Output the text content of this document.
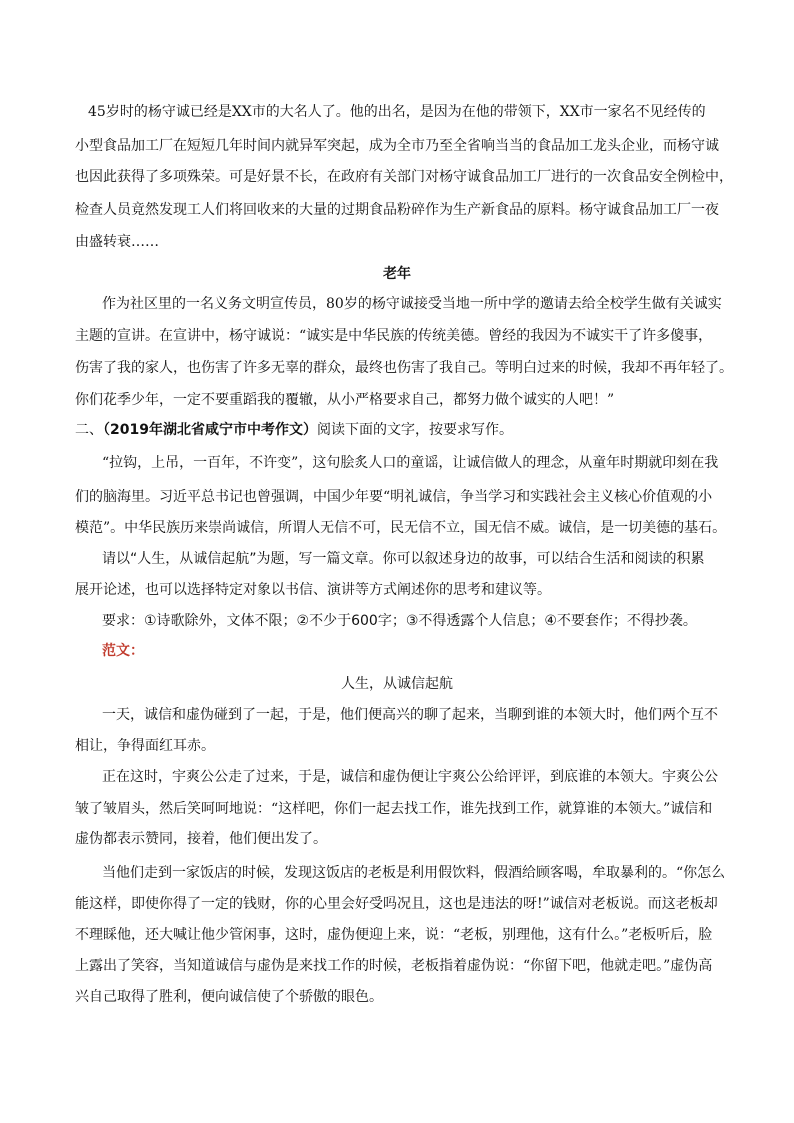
45岁时的杨守诚已经是XX市的大名人了。他的出名，是因为在他的带领下，XX市一家名不见经传的
小型食品加工厂在短短几年时间内就异军突起，成为全市乃至全省响当当的食品加工龙头企业，而杨守诚
也因此获得了多项殊荣。可是好景不长，在政府有关部门对杨守诚食品加工厂进行的一次食品安全例检中，
检查人员竟然发现工人们将回收来的大量的过期食品粉碎作为生产新食品的原料。杨守诚食品加工厂一夜
由盛转衰……
老年
作为社区里的一名义务文明宣传员，80岁的杨守诚接受当地一所中学的邀请去给全校学生做有关诚实
主题的宣讲。在宣讲中，杨守诚说：“诚实是中华民族的传统美德。曾经的我因为不诚实干了许多傻事，
伤害了我的家人，也伤害了许多无辜的群众，最终也伤害了我自己。等明白过来的时候，我却不再年轻了。
你们花季少年，一定不要重蹈我的覆辙，从小严格要求自己，都努力做个诚实的人吧！”
二、（2019年湖北省咸宁市中考作文）阅读下面的文字，按要求写作。
“拉钩，上吊，一百年，不许变”，这句脍炙人口的童谣，让诚信做人的理念，从童年时期就印刻在我
们的脑海里。习近平总书记也曾强调，中国少年要“明礼诚信，争当学习和实践社会主义核心价值观的小
模范”。中华民族历来崇尚诚信，所谓人无信不可，民无信不立，国无信不威。诚信，是一切美德的基石。
请以“人生，从诚信起航”为题，写一篇文章。你可以叙述身边的故事，可以结合生活和阅读的积累
展开论述，也可以选择特定对象以书信、演讲等方式阐述你的思考和建议等。
要求：①诗歌除外，文体不限；②不少于600字；③不得透露个人信息；④不要套作；不得抄袭。
范文：
人生，从诚信起航
一天，诚信和虚伪碰到了一起，于是，他们便高兴的聊了起来，当聊到谁的本领大时，他们两个互不
相让，争得面红耳赤。
正在这时，宇爽公公走了过来，于是，诚信和虚伪便让宇爽公公给评评，到底谁的本领大。宇爽公公
皱了皱眉头，然后笑呵呵地说：“这样吧，你们一起去找工作，谁先找到工作，就算谁的本领大。”诚信和
虚伪都表示赞同，接着，他们便出发了。
当他们走到一家饭店的时候，发现这饭店的老板是利用假饮料，假酒给顾客喝，牟取暴利的。“你怎么
能这样，即使你得了一定的钱财，你的心里会好受吗况且，这也是违法的呀!”诚信对老板说。而这老板却
不理睬他，还大喊让他少管闲事，这时，虚伪便迎上来，说：“老板，别理他，这有什么。”老板听后，脸
上露出了笑容，当知道诚信与虚伪是来找工作的时候，老板指着虚伪说：“你留下吧，他就走吧。”虚伪高
兴自己取得了胜利，便向诚信使了个骄傲的眼色。
